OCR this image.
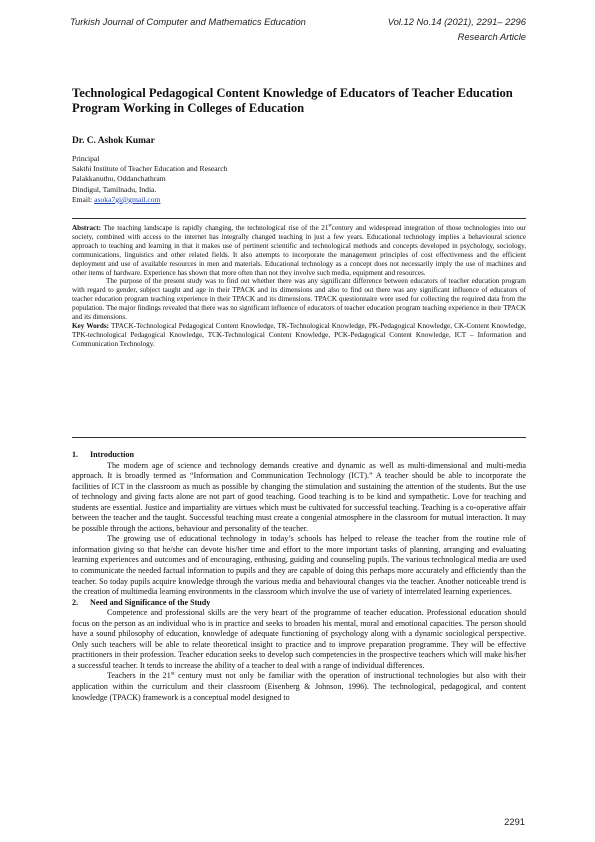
Turkish Journal of Computer and Mathematics Education	Vol.12 No.14 (2021), 2291– 2296
Research Article
Technological Pedagogical Content Knowledge of Educators of Teacher Education Program Working in Colleges of Education
Dr. C. Ashok Kumar
Principal
Sakthi Institute of Teacher Education and Research
Palakkanuthu, Oddanchathram
Dindigul, Tamilnadu, India.
Email: asoka7gi@gmail.com

Abstract: The teaching landscape is rapidly changing, the technological rise of the 21stcentury and widespread integration of those technologies into our society, combined with access to the internet has integrally changed teaching in just a few years. Educational technology implies a behavioural science approach to teaching and learning in that it makes use of pertinent scientific and technological methods and concepts developed in psychology, sociology, communications, linguistics and other related fields. It also attempts to incorporate the management principles of cost effectiveness and the efficient deployment and use of available resources in men and materials. Educational technology as a concept does not necessarily imply the use of machines and other items of hardware. Experience has shown that more often than not they involve such media, equipment and resources.

The purpose of the present study was to find out whether there was any significant difference between educators of teacher education program with regard to gender, subject taught and age in their TPACK and its dimensions and also to find out there was any significant influence of educators of teacher education program teaching experience in their TPACK and its dimensions. TPACK questionnaire were used for collecting the required data from the population. The major findings revealed that there was no significant influence of educators of teacher education program teaching experience in their TPACK and its dimensions.

Key Words: TPACK-Technological Pedagogical Content Knowledge, TK-Technological Knowledge, PK-Pedagogical Knowledge, CK-Content Knowledge, TPK-technological Pedagogical Knowledge, TCK-Technological Content Knowledge, PCK-Pedagogical Content Knowledge, ICT – Information and Communication Technology.

1. Introduction

The modern age of science and technology demands creative and dynamic as well as multi-dimensional and multi-media approach. It is broadly termed as “Information and Communication Technology (ICT).” A teacher should be able to incorporate the facilities of ICT in the classroom as much as possible by changing the stimulation and sustaining the attention of the students. But the use of technology and giving facts alone are not part of good teaching. Good teaching is to be kind and sympathetic. Love for teaching and students are essential. Justice and impartiality are virtues which must be cultivated for successful teaching. Teaching is a co-operative affair between the teacher and the taught. Successful teaching must create a congenial atmosphere in the classroom for mutual interaction. It may be possible through the actions, behaviour and personality of the teacher.

The growing use of educational technology in today’s schools has helped to release the teacher from the routine role of information giving so that he/she can devote his/her time and effort to the more important tasks of planning, arranging and evaluating learning experiences and outcomes and of encouraging, enthusing, guiding and counseling pupils. The various technological media are used to communicate the needed factual information to pupils and they are capable of doing this perhaps more accurately and efficiently than the teacher. So today pupils acquire knowledge through the various media and behavioural changes via the teacher. Another noticeable trend is the creation of multimedia learning environments in the classroom which involve the use of variety of interrelated learning experiences.

2. Need and Significance of the Study

Competence and professional skills are the very heart of the programme of teacher education. Professional education should focus on the person as an individual who is in practice and seeks to broaden his mental, moral and emotional capacities. The person should have a sound philosophy of education, knowledge of adequate functioning of psychology along with a dynamic sociological perspective. Only such teachers will be able to relate theoretical insight to practice and to improve preparation programme. They will be effective practitioners in their profession. Teacher education seeks to develop such competencies in the prospective teachers which will make his/her a successful teacher. It tends to increase the ability of a teacher to deal with a range of individual differences.

Teachers in the 21st century must not only be familiar with the operation of instructional technologies but also with their application within the curriculum and their classroom (Eisenberg & Johnson, 1996). The technological, pedagogical, and content knowledge (TPACK) framework is a conceptual model designed to

2291
